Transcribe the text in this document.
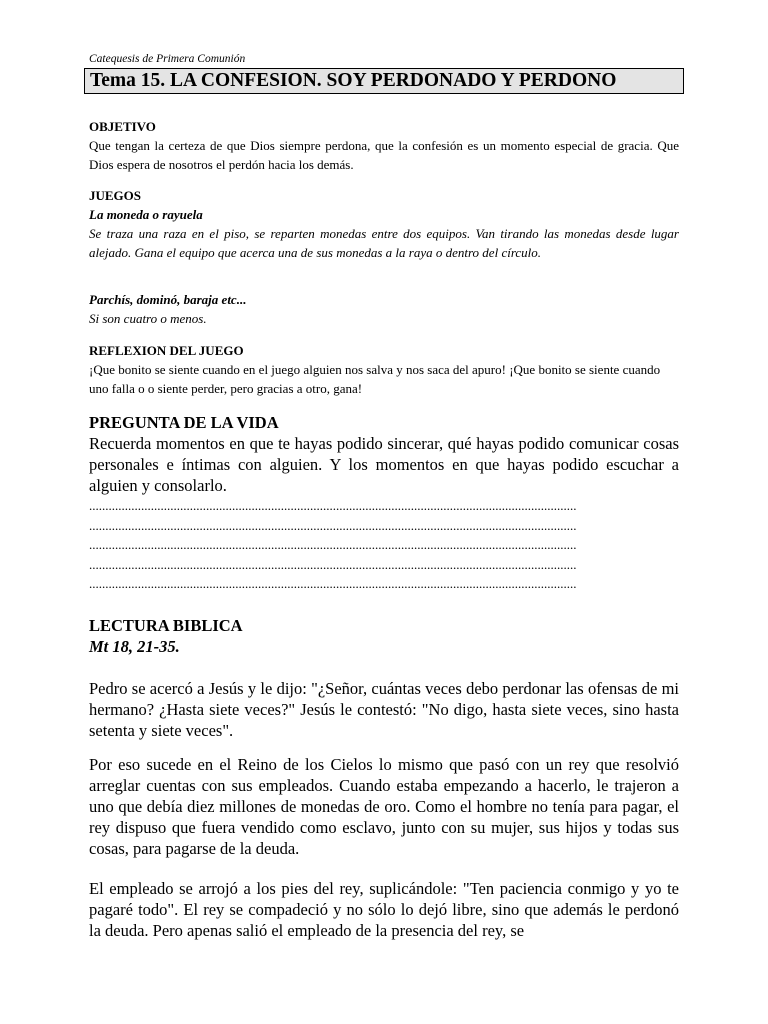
Catequesis de Primera Comunión
Tema 15. LA CONFESION. SOY PERDONADO Y PERDONO

OBJETIVO

Que tengan la certeza de que Dios siempre perdona, que la confesión es un momento especial de gracia. Que Dios espera de nosotros el perdón hacia los demás.

JUEGOS

La moneda o rayuela

Se traza una raza en el piso, se reparten monedas entre dos equipos. Van tirando las monedas desde lugar alejado. Gana el equipo que acerca una de sus monedas a la raya o dentro del círculo.

Parchís, dominó, baraja etc...

Si son cuatro o menos.

REFLEXION DEL JUEGO

¡Que bonito se siente cuando en el juego alguien nos salva y nos saca del apuro! ¡Que bonito se siente cuando uno falla o o siente perder, pero gracias a otro, gana!

PREGUNTA DE LA VIDA

Recuerda momentos en que te hayas podido sincerar, qué hayas podido comunicar cosas personales e íntimas con alguien. Y los momentos en que hayas podido escuchar a alguien y consolarlo.

......................................................................................................................................................
......................................................................................................................................................
......................................................................................................................................................
......................................................................................................................................................
......................................................................................................................................................

LECTURA BIBLICA

Mt 18, 21-35.

Pedro se acercó a Jesús y le dijo: "¿Señor, cuántas veces debo perdonar las ofensas de mi hermano? ¿Hasta siete veces?" Jesús le contestó: "No digo, hasta siete veces, sino hasta setenta y siete veces".
Por eso sucede en el Reino de los Cielos lo mismo que pasó con un rey que resolvió arreglar cuentas con sus empleados. Cuando estaba empezando a hacerlo, le trajeron a uno que debía diez millones de monedas de oro. Como el hombre no tenía para pagar, el rey dispuso que fuera vendido como esclavo, junto con su mujer, sus hijos y todas sus cosas, para pagarse de la deuda.
El empleado se arrojó a los pies del rey, suplicándole: "Ten paciencia conmigo y yo te pagaré todo". El rey se compadeció y no sólo lo dejó libre, sino que además le perdonó la deuda. Pero apenas salió el empleado de la presencia del rey, se
